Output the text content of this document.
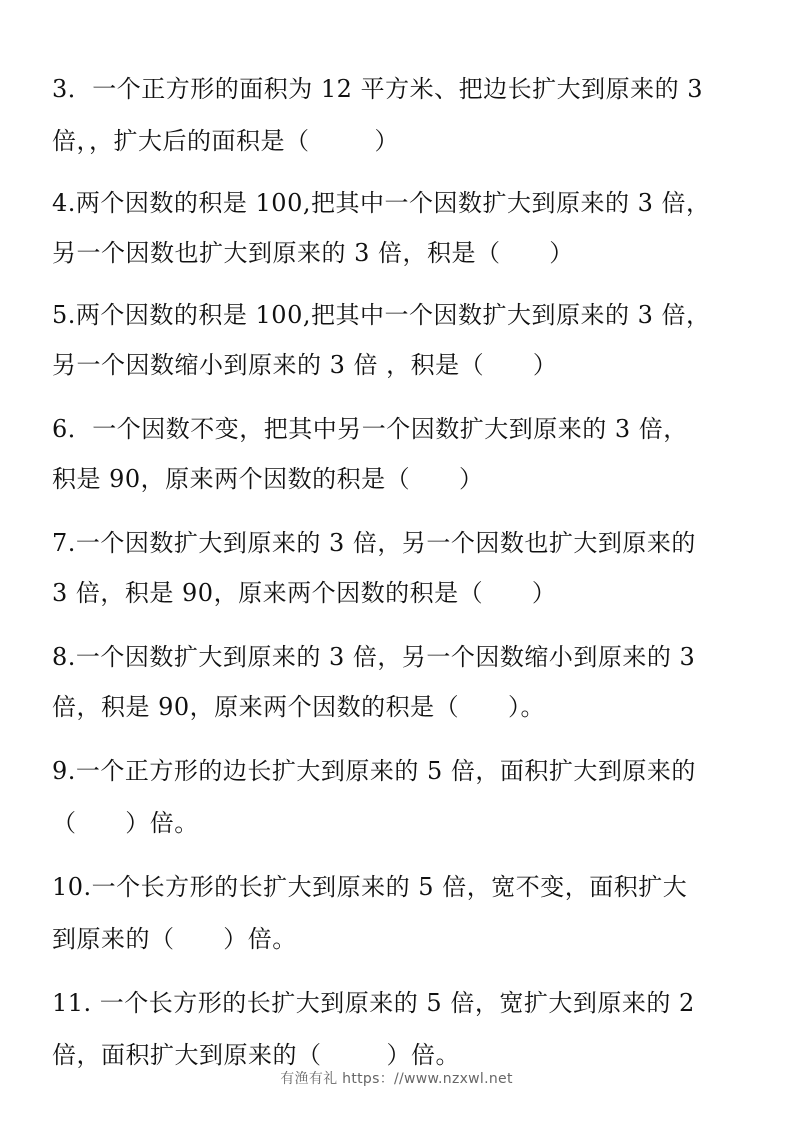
3．一个正方形的面积为 12 平方米、把边长扩大到原来的 3
倍，，扩大后的面积是（        ）
4.两个因数的积是 100,把其中一个因数扩大到原来的 3 倍，
另一个因数也扩大到原来的 3 倍，积是（      ）
5.两个因数的积是 100,把其中一个因数扩大到原来的 3 倍，
另一个因数缩小到原来的 3 倍 ，积是（      ）
6．一个因数不变，把其中另一个因数扩大到原来的 3 倍，
积是 90，原来两个因数的积是（      ）
7.一个因数扩大到原来的 3 倍，另一个因数也扩大到原来的
3 倍，积是 90，原来两个因数的积是（      ）
8.一个因数扩大到原来的 3 倍，另一个因数缩小到原来的 3
倍，积是 90，原来两个因数的积是（      ）。
9.一个正方形的边长扩大到原来的 5 倍，面积扩大到原来的
（      ）倍。
10.一个长方形的长扩大到原来的 5 倍，宽不变，面积扩大
到原来的（      ）倍。
11. 一个长方形的长扩大到原来的 5 倍，宽扩大到原来的 2
倍，面积扩大到原来的（        ）倍。
有渔有礼 https：//www.nzxwl.net
